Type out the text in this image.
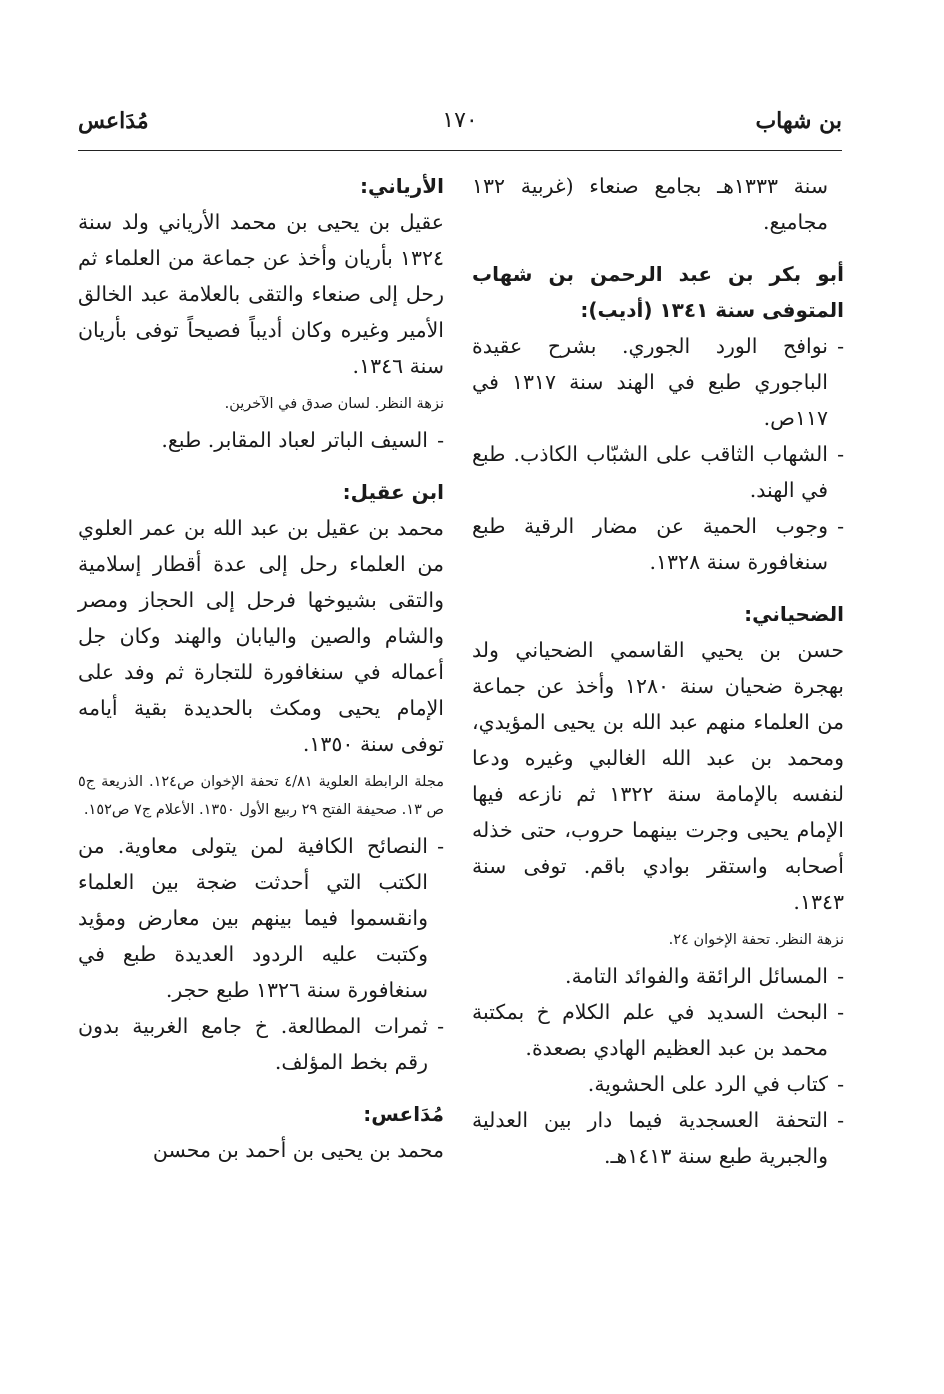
بن شهاب
١٧٠
مُدَاعس

سنة ١٣٣٣هـ بجامع صنعاء (غربية ١٣٢ مجاميع.

أبو بكر بن عبد الرحمن بن شهاب المتوفى سنة ١٣٤١ (أديب):

- نوافح الورد الجوري. بشرح عقيدة الباجوري طبع في الهند سنة ١٣١٧ في ١١٧ص.

- الشهاب الثاقب على الشبّاب الكاذب. طبع في الهند.

- وجوب الحمية عن مضار الرقية طبع سنغافورة سنة ١٣٢٨.

الضحياني:

حسن بن يحيي القاسمي الضحياني ولد بهجرة ضحيان سنة ١٢٨٠ وأخذ عن جماعة من العلماء منهم عبد الله بن يحيى المؤيدي، ومحمد بن عبد الله الغالبي وغيره ودعا لنفسه بالإمامة سنة ١٣٢٢ ثم نازعه فيها الإمام يحيى وجرت بينهما حروب، حتى خذله أصحابه واستقر بوادي باقم. توفى سنة ١٣٤٣.

نزهة النظر. تحفة الإخوان ٢٤.

- المسائل الرائقة والفوائد التامة.

- البحث السديد في علم الكلام خ بمكتبة محمد بن عبد العظيم الهادي بصعدة.

- كتاب في الرد على الحشوية.

- التحفة العسجدية فيما دار بين العدلية والجبرية طبع سنة ١٤١٣هـ.

الأرياني:

عقيل بن يحيى بن محمد الأرياني ولد سنة ١٣٢٤ بأريان وأخذ عن جماعة من العلماء ثم رحل إلى صنعاء والتقى بالعلامة عبد الخالق الأمير وغيره وكان أديباً فصيحاً توفى بأريان سنة ١٣٤٦.

نزهة النظر. لسان صدق في الآخرين.

- السيف الباتر لعباد المقابر. طبع.

ابن عقيل:

محمد بن عقيل بن عبد الله بن عمر العلوي من العلماء رحل إلى عدة أقطار إسلامية والتقى بشيوخها فرحل إلى الحجاز ومصر والشام والصين واليابان والهند وكان جل أعماله في سنغافورة للتجارة ثم وفد على الإمام يحيى ومكث بالحديدة بقية أيامه توفى سنة ١٣٥٠.

مجلة الرابطة العلوية ٤/٨١ تحفة الإخوان ص١٢٤. الذريعة ج٥ ص ١٣. صحيفة الفتح ٢٩ ربيع الأول ١٣٥٠. الأعلام ج٧ ص١٥٢.

- النصائح الكافية لمن يتولى معاوية. من الكتب التي أحدثت ضجة بين العلماء وانقسموا فيما بينهم بين معارض ومؤيد وكتبت عليه الردود العديدة طبع في سنغافورة سنة ١٣٢٦ طبع حجر.

- ثمرات المطالعة. خ جامع الغربية بدون رقم بخط المؤلف.

مُدَاعس:

محمد بن يحيى بن أحمد بن محسن
